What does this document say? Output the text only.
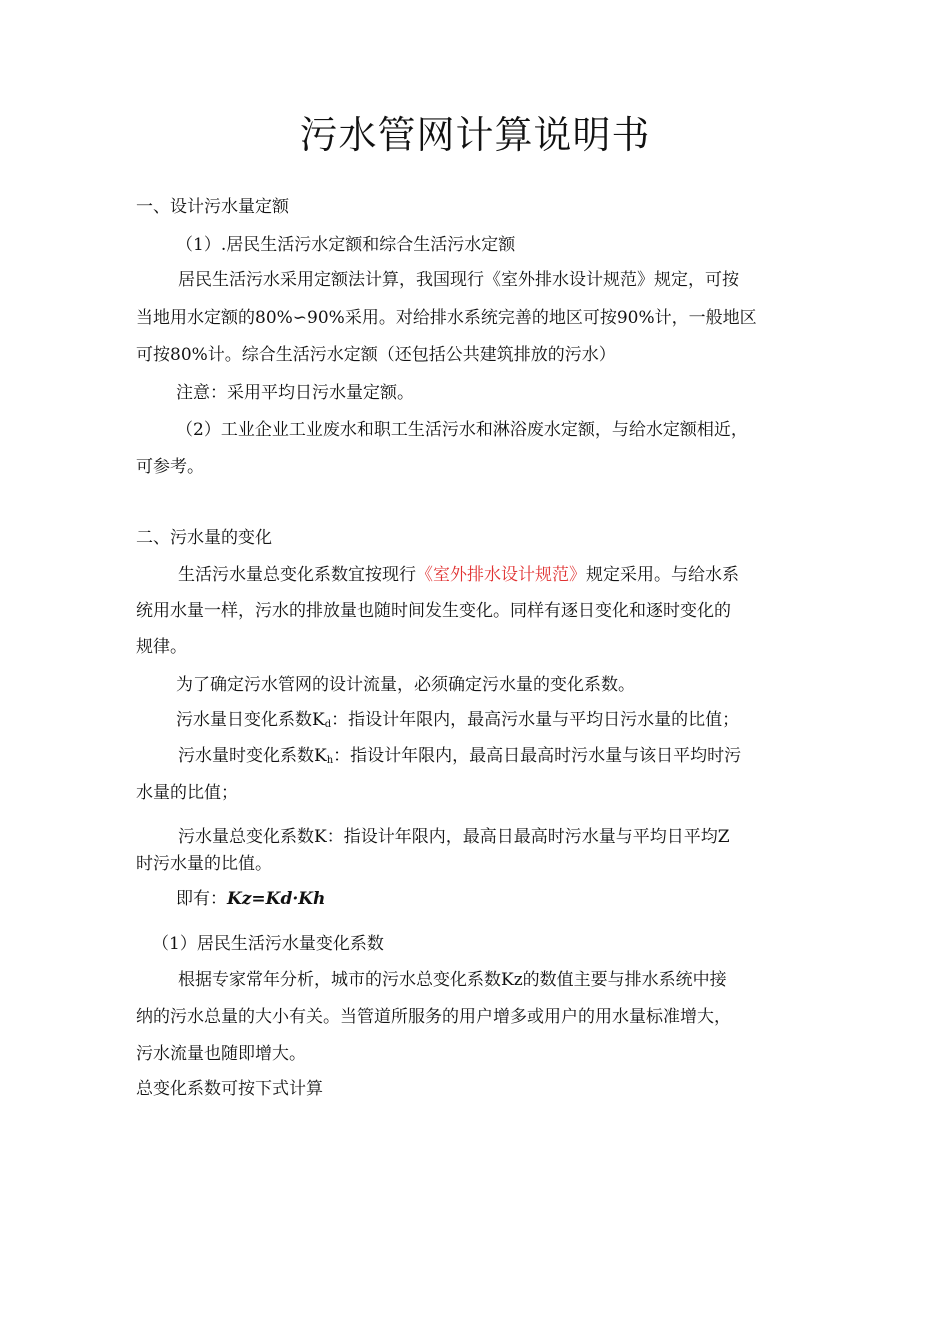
污水管网计算说明书
一、设计污水量定额
（1）.居民生活污水定额和综合生活污水定额
居民生活污水采用定额法计算，我国现行《室外排水设计规范》规定，可按
当地用水定额的80%∽90%采用。对给排水系统完善的地区可按90%计，一般地区
可按80%计。综合生活污水定额（还包括公共建筑排放的污水）
注意：采用平均日污水量定额。
（2）工业企业工业废水和职工生活污水和淋浴废水定额，与给水定额相近，
可参考。
二、污水量的变化
生活污水量总变化系数宜按现行《室外排水设计规范》规定采用。与给水系
统用水量一样，污水的排放量也随时间发生变化。同样有逐日变化和逐时变化的
规律。
为了确定污水管网的设计流量，必须确定污水量的变化系数。
污水量日变化系数$K_d$：指设计年限内，最高污水量与平均日污水量的比值；
污水量时变化系数$K_h$：指设计年限内，最高日最高时污水量与该日平均时污
水量的比值；
污水量总变化系数K：指设计年限内，最高日最高时污水量与平均日平均Z
时污水量的比值。
即有：Kz=Kd·Kh
（1）居民生活污水量变化系数
根据专家常年分析，城市的污水总变化系数Kz的数值主要与排水系统中接
纳的污水总量的大小有关。当管道所服务的用户增多或用户的用水量标准增大，
污水流量也随即增大。
总变化系数可按下式计算
